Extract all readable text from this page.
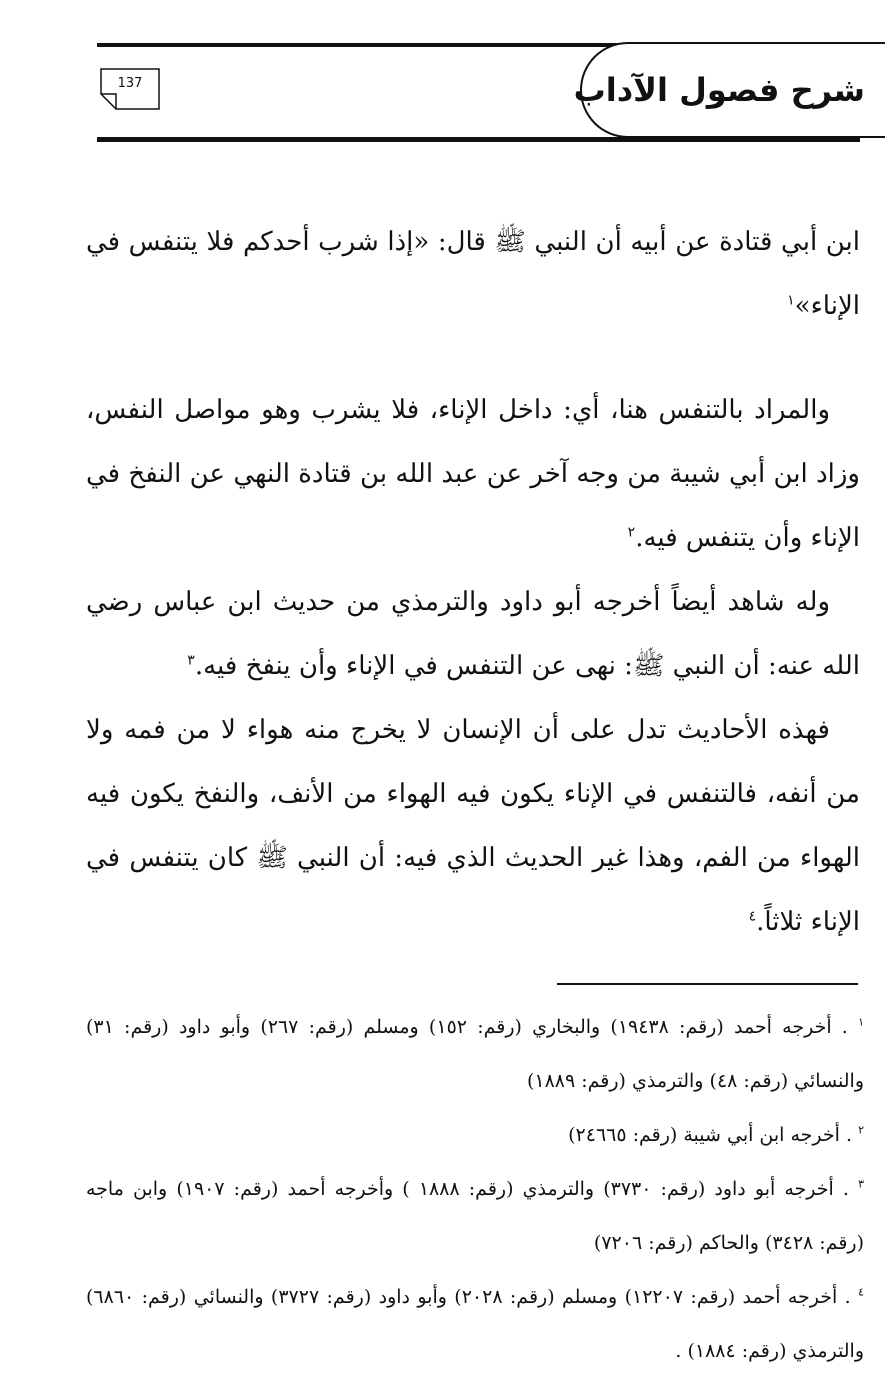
شرح فصول الآداب
137

ابن أبي قتادة عن أبيه أن النبي ﷺ قال: «إذا شرب أحدكم فلا يتنفس في الإناء»$^١$

والمراد بالتنفس هنا، أي: داخل الإناء، فلا يشرب وهو مواصل النفس، وزاد ابن أبي شيبة من وجه آخر عن عبد الله بن قتادة النهي عن النفخ في الإناء وأن يتنفس فيه.$^٢$

وله شاهد أيضاً أخرجه أبو داود والترمذي من حديث ابن عباس رضي الله عنه: أن النبي ﷺ: نهى عن التنفس في الإناء وأن ينفخ فيه.$^٣$

فهذه الأحاديث تدل على أن الإنسان لا يخرج منه هواء لا من فمه ولا من أنفه، فالتنفس في الإناء يكون فيه الهواء من الأنف، والنفخ يكون فيه الهواء من الفم، وهذا غير الحديث الذي فيه: أن النبي ﷺ كان يتنفس في الإناء ثلاثاً.$^٤$

$^١$ . أخرجه أحمد (رقم: ١٩٤٣٨) والبخاري (رقم: ١٥٢) ومسلم (رقم: ٢٦٧) وأبو داود (رقم: ٣١) والنسائي (رقم: ٤٨) والترمذي (رقم: ١٨٨٩)

$^٢$ . أخرجه ابن أبي شيبة (رقم: ٢٤٦٦٥)

$^٣$ . أخرجه أبو داود (رقم: ٣٧٣٠) والترمذي (رقم: ١٨٨٨ ) وأخرجه أحمد (رقم: ١٩٠٧) وابن ماجه (رقم: ٣٤٢٨) والحاكم (رقم: ٧٢٠٦)

$^٤$ . أخرجه أحمد (رقم: ١٢٢٠٧) ومسلم (رقم: ٢٠٢٨) وأبو داود (رقم: ٣٧٢٧) والنسائي (رقم: ٦٨٦٠) والترمذي (رقم: ١٨٨٤) .
